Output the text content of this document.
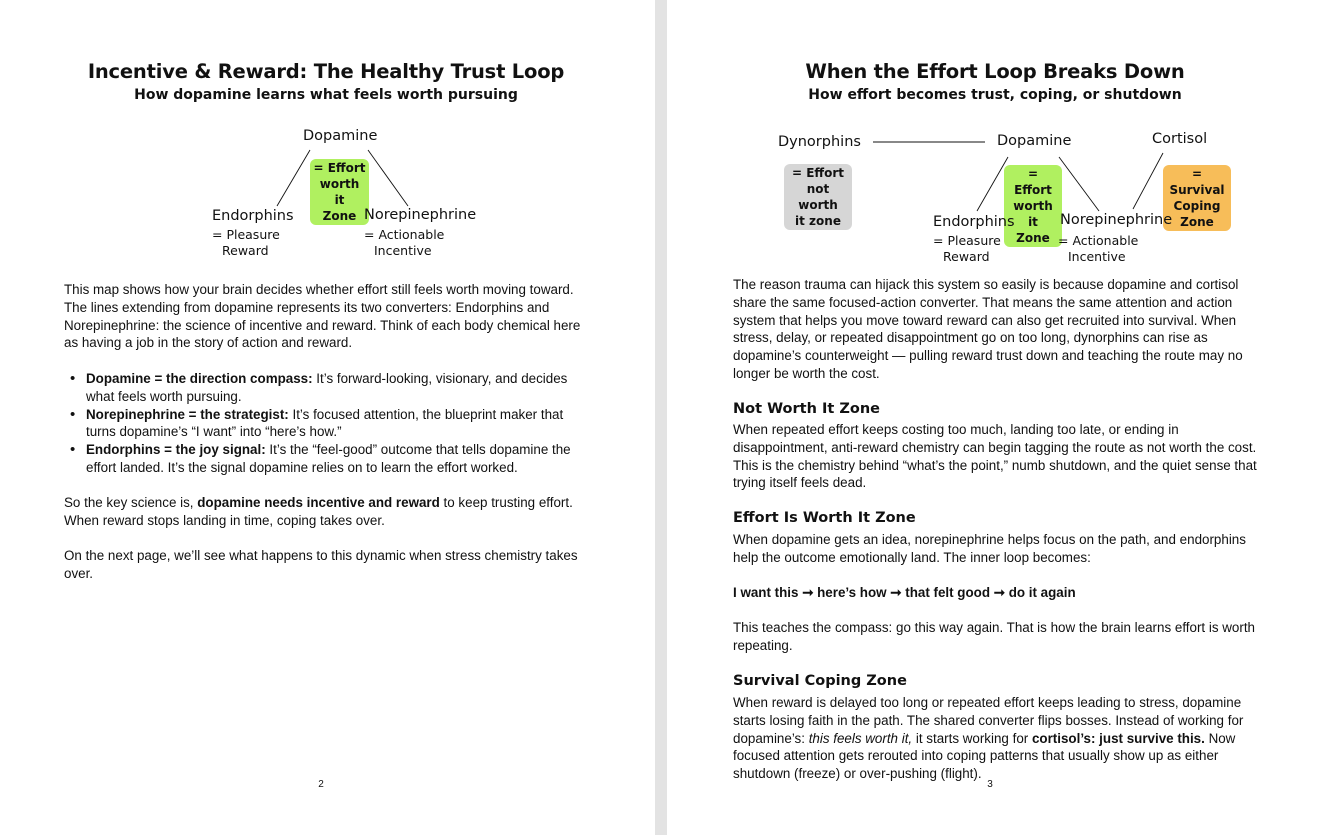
Incentive & Reward: The Healthy Trust Loop
How dopamine learns what feels worth pursuing
Dopamine
= Effort
worth it
Zone
Endorphins
= Pleasure
Reward
Norepinephrine
= Actionable
Incentive
This map shows how your brain decides whether effort still feels worth moving toward. The lines extending from dopamine represents its two converters: Endorphins and Norepinephrine: the science of incentive and reward. Think of each body chemical here as having a job in the story of action and reward.
• Dopamine = the direction compass: It’s forward-looking, visionary, and decides what feels worth pursuing.
• Norepinephrine = the strategist: It’s focused attention, the blueprint maker that turns dopamine’s “I want” into “here’s how.”
• Endorphins = the joy signal: It’s the “feel-good” outcome that tells dopamine the effort landed. It’s the signal dopamine relies on to learn the effort worked.
So the key science is, dopamine needs incentive and reward to keep trusting effort. When reward stops landing in time, coping takes over.
On the next page, we’ll see what happens to this dynamic when stress chemistry takes over.
2
When the Effort Loop Breaks Down
How effort becomes trust, coping, or shutdown
Dynorphins
= Effort
not worth
it zone
Dopamine
= Effort
worth it
Zone
Cortisol
= Survival
Coping
Zone
Endorphins
= Pleasure
Reward
Norepinephrine
= Actionable
Incentive
The reason trauma can hijack this system so easily is because dopamine and cortisol share the same focused-action converter. That means the same attention and action system that helps you move toward reward can also get recruited into survival. When stress, delay, or repeated disappointment go on too long, dynorphins can rise as dopamine’s counterweight — pulling reward trust down and teaching the route may no longer be worth the cost.
Not Worth It Zone
When repeated effort keeps costing too much, landing too late, or ending in disappointment, anti-reward chemistry can begin tagging the route as not worth the cost. This is the chemistry behind “what’s the point,” numb shutdown, and the quiet sense that trying itself feels dead.
Effort Is Worth It Zone
When dopamine gets an idea, norepinephrine helps focus on the path, and endorphins help the outcome emotionally land. The inner loop becomes:
I want this ➞ here’s how ➞ that felt good ➞ do it again
This teaches the compass: go this way again. That is how the brain learns effort is worth repeating.
Survival Coping Zone
When reward is delayed too long or repeated effort keeps leading to stress, dopamine starts losing faith in the path. The shared converter flips bosses. Instead of working for dopamine’s: this feels worth it, it starts working for cortisol’s: just survive this. Now focused attention gets rerouted into coping patterns that usually show up as either shutdown (freeze) or over-pushing (flight).
3
